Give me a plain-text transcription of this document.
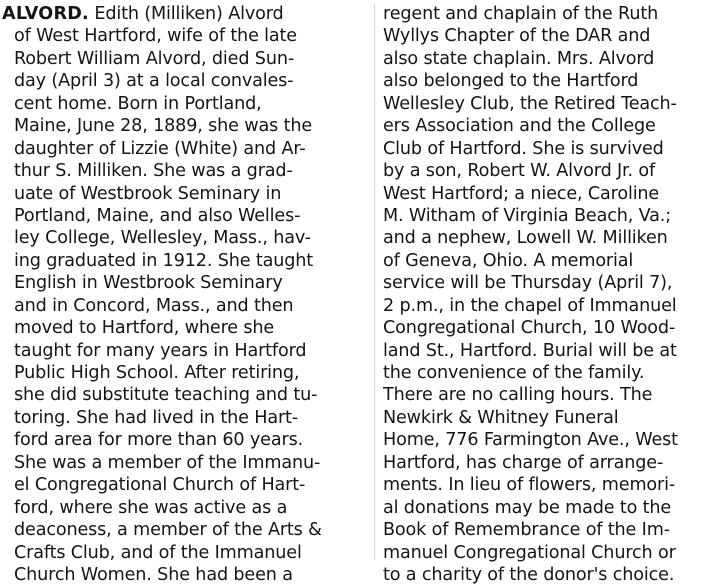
ALVORD. Edith (Milliken) Alvord
of West Hartford, wife of the late
Robert William Alvord, died Sun-
day (April 3) at a local convales-
cent home. Born in Portland,
Maine, June 28, 1889, she was the
daughter of Lizzie (White) and Ar-
thur S. Milliken. She was a grad-
uate of Westbrook Seminary in
Portland, Maine, and also Welles-
ley College, Wellesley, Mass., hav-
ing graduated in 1912. She taught
English in Westbrook Seminary
and in Concord, Mass., and then
moved to Hartford, where she
taught for many years in Hartford
Public High School. After retiring,
she did substitute teaching and tu-
toring. She had lived in the Hart-
ford area for more than 60 years.
She was a member of the Immanu-
el Congregational Church of Hart-
ford, where she was active as a
deaconess, a member of the Arts &
Crafts Club, and of the Immanuel
Church Women. She had been a
regent and chaplain of the Ruth
Wyllys Chapter of the DAR and
also state chaplain. Mrs. Alvord
also belonged to the Hartford
Wellesley Club, the Retired Teach-
ers Association and the College
Club of Hartford. She is survived
by a son, Robert W. Alvord Jr. of
West Hartford; a niece, Caroline
M. Witham of Virginia Beach, Va.;
and a nephew, Lowell W. Milliken
of Geneva, Ohio. A memorial
service will be Thursday (April 7),
2 p.m., in the chapel of Immanuel
Congregational Church, 10 Wood-
land St., Hartford. Burial will be at
the convenience of the family.
There are no calling hours. The
Newkirk & Whitney Funeral
Home, 776 Farmington Ave., West
Hartford, has charge of arrange-
ments. In lieu of flowers, memori-
al donations may be made to the
Book of Remembrance of the Im-
manuel Congregational Church or
to a charity of the donor's choice.
